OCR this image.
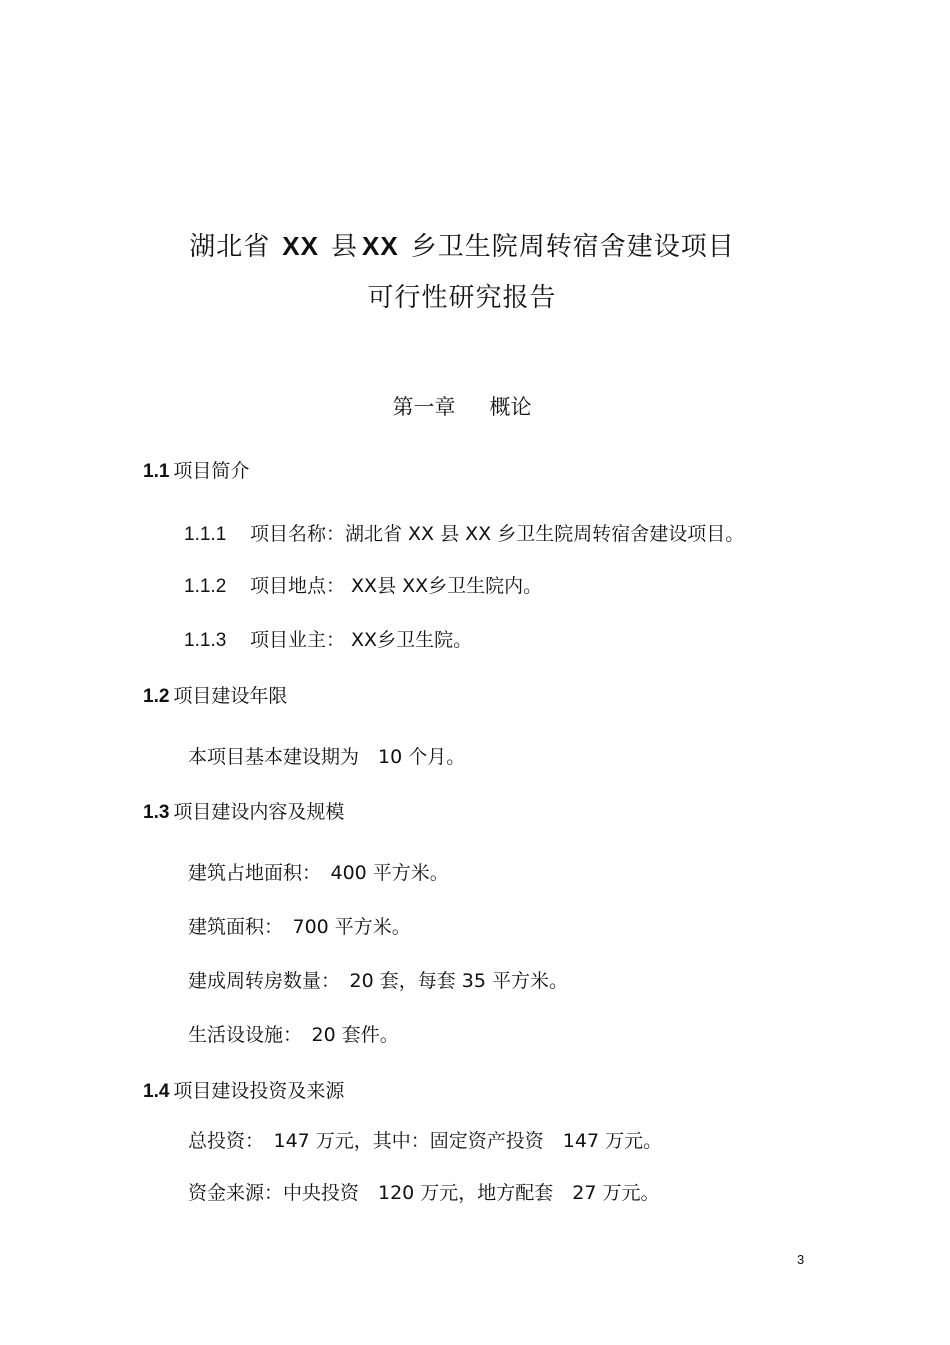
湖北省 XX 县 XX 乡卫生院周转宿舍建设项目
可行性研究报告
第一章 概论
1.1 项目简介
1.1.1 项目名称：湖北省 XX 县 XX 乡卫生院周转宿舍建设项目。
1.1.2 项目地点： XX县 XX乡卫生院内。
1.1.3 项目业主： XX乡卫生院。
1.2 项目建设年限
本项目基本建设期为　10 个月。
1.3 项目建设内容及规模
建筑占地面积：　400 平方米。
建筑面积：　700 平方米。
建成周转房数量：　20 套，每套 35 平方米。
生活设设施：　20 套件。
1.4 项目建设投资及来源
总投资：　147 万元，其中：固定资产投资　147 万元。
资金来源：中央投资　120 万元，地方配套　27 万元。
3
